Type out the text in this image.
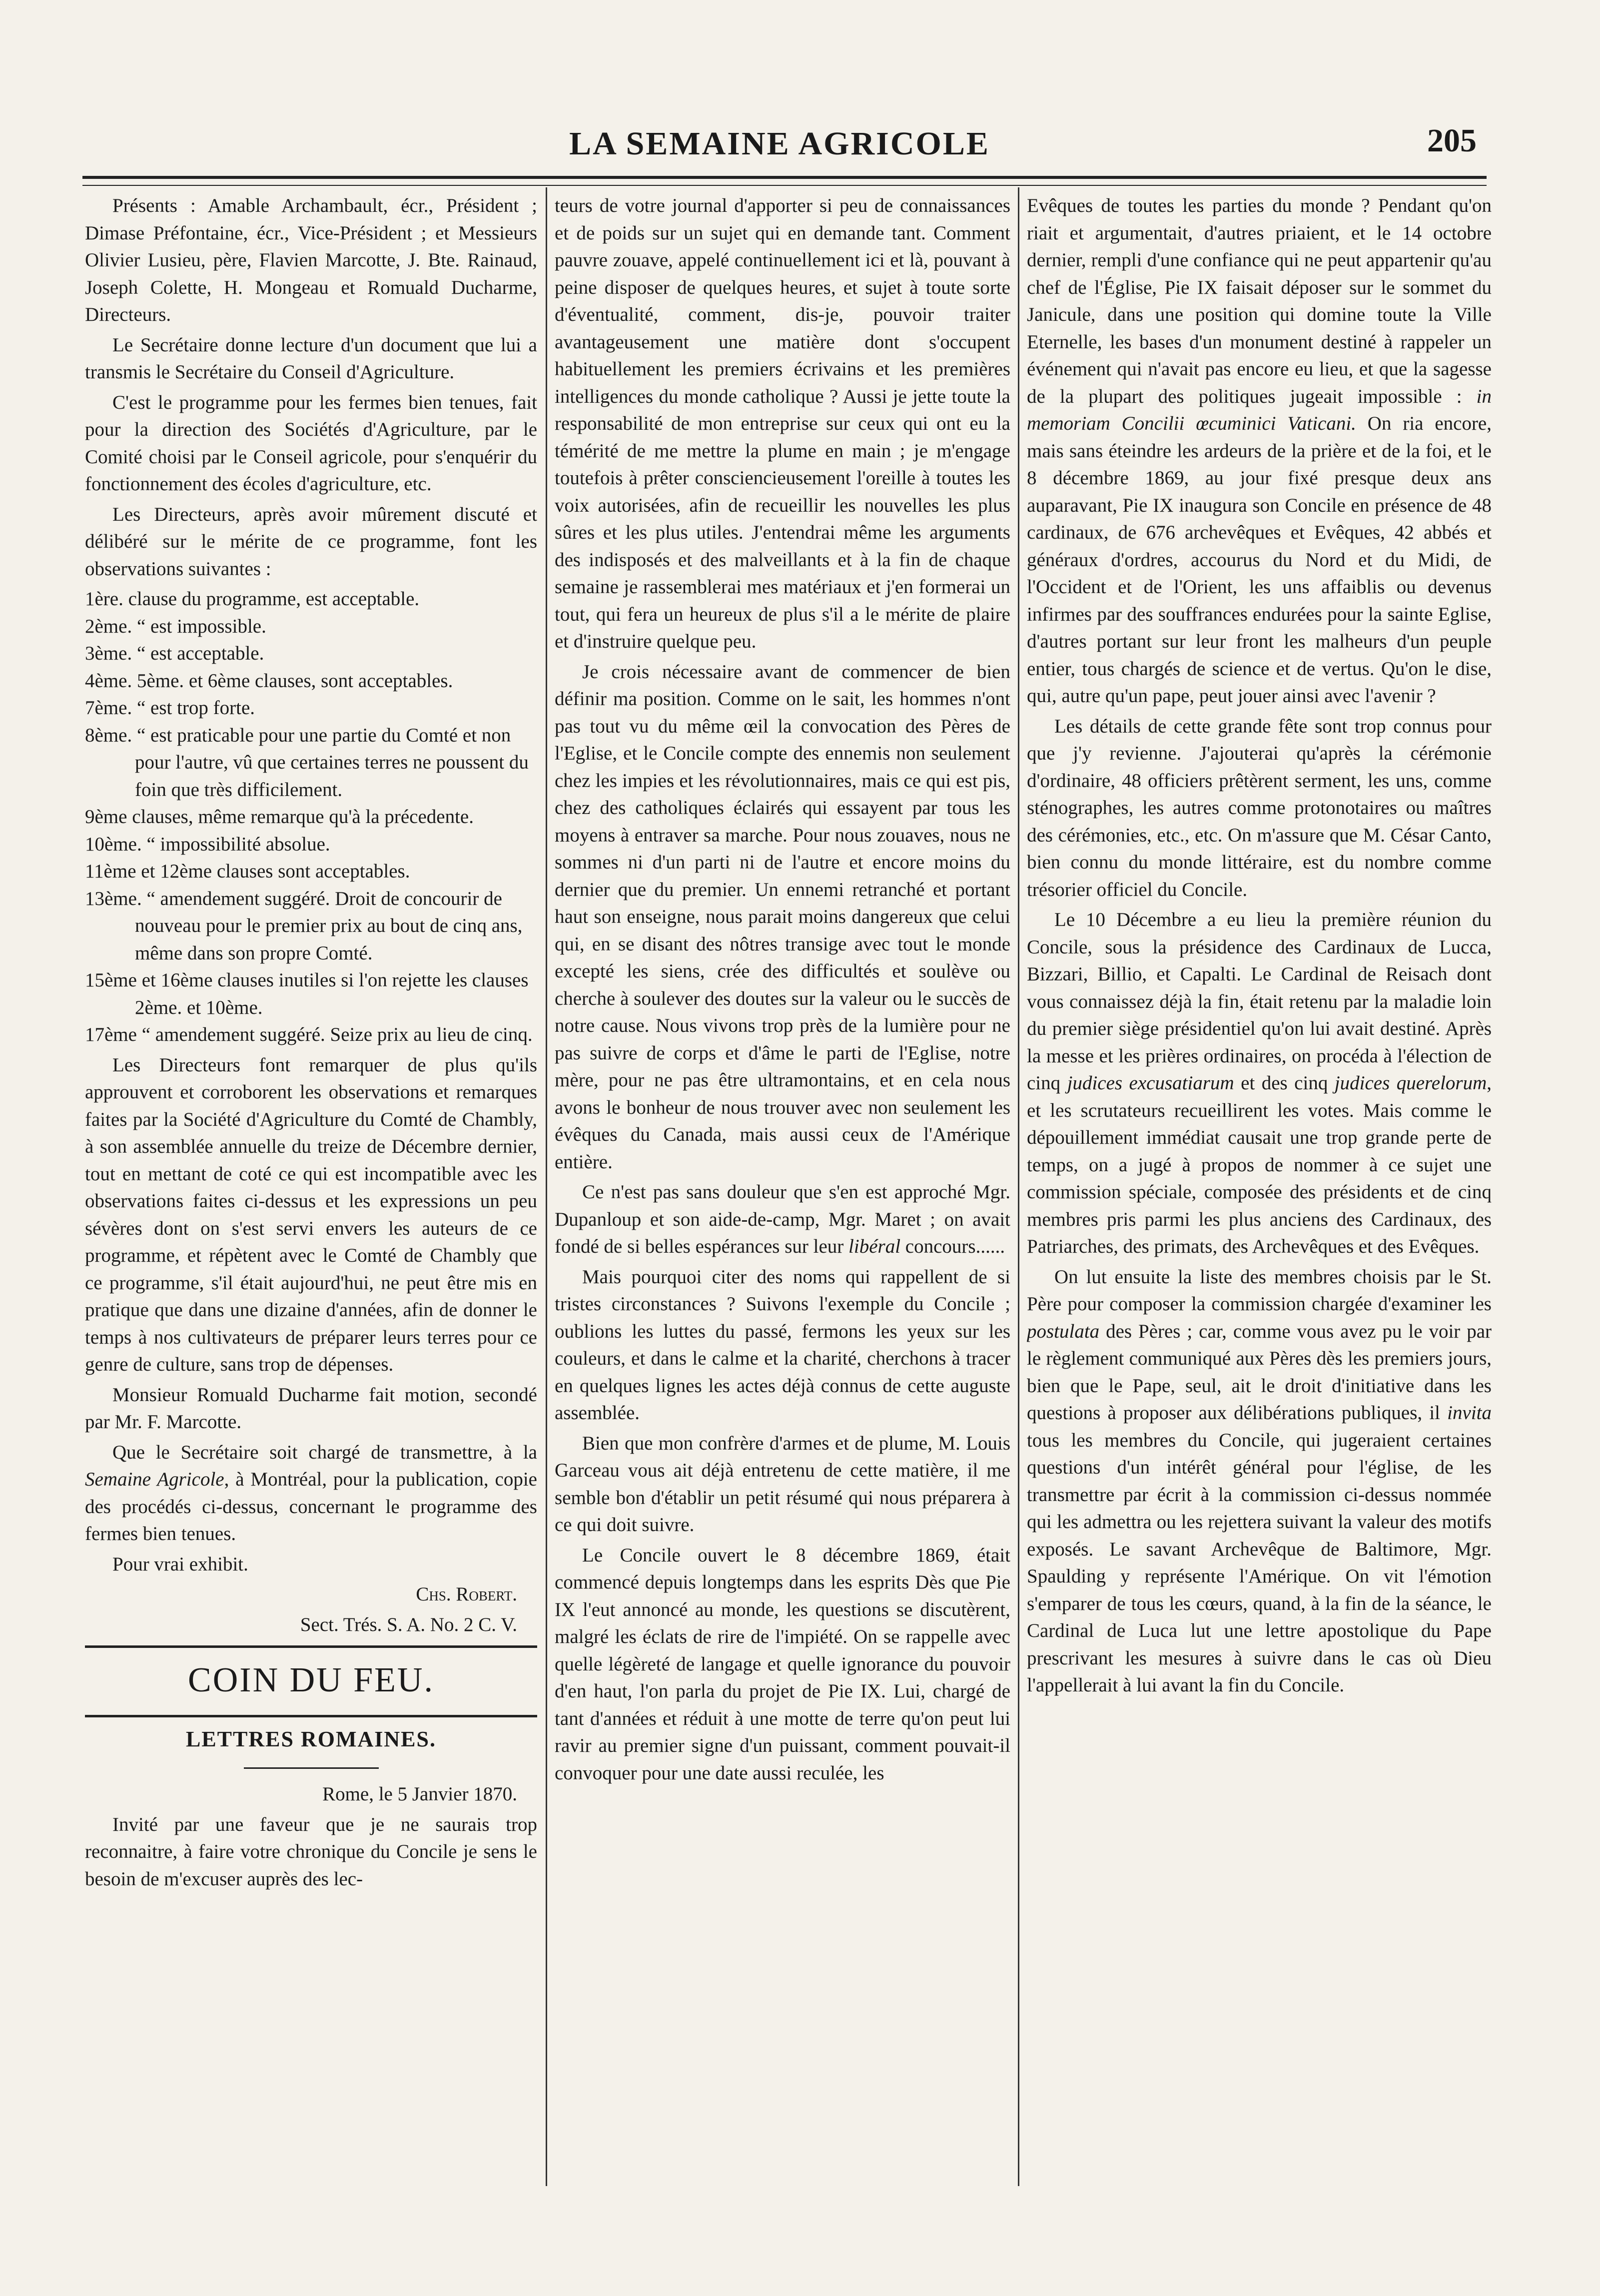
LA SEMAINE AGRICOLE	205

Présents : Amable Archambault, écr., Président ; Dimase Préfontaine, écr., Vice-Président ; et Messieurs Olivier Lusieu, père, Flavien Marcotte, J. Bte. Rainaud, Joseph Colette, H. Mongeau et Romuald Ducharme, Directeurs.

Le Secrétaire donne lecture d'un document que lui a transmis le Secrétaire du Conseil d'Agriculture.

C'est le programme pour les fermes bien tenues, fait pour la direction des Sociétés d'Agriculture, par le Comité choisi par le Conseil agricole, pour s'enquérir du fonctionnement des écoles d'agriculture, etc.

Les Directeurs, après avoir mûrement discuté et délibéré sur le mérite de ce programme, font les observations suivantes :

1ère. clause du programme, est acceptable.
2ème. “ est impossible.
3ème. “ est acceptable.
4ème. 5ème. et 6ème clauses, sont acceptables.
7ème. “ est trop forte.
8ème. “ est praticable pour une partie du Comté et non pour l'autre, vû que certaines terres ne poussent du foin que très difficilement.
9ème clauses, même remarque qu'à la précedente.
10ème. “ impossibilité absolue.
11ème et 12ème clauses sont acceptables.
13ème. “ amendement suggéré. Droit de concourir de nouveau pour le premier prix au bout de cinq ans, même dans son propre Comté.
15ème et 16ème clauses inutiles si l'on rejette les clauses 2ème. et 10ème.
17ème “ amendement suggéré. Seize prix au lieu de cinq.

Les Directeurs font remarquer de plus qu'ils approuvent et corroborent les observations et remarques faites par la Société d'Agriculture du Comté de Chambly, à son assemblée annuelle du treize de Décembre dernier, tout en mettant de coté ce qui est incompatible avec les observations faites ci-dessus et les expressions un peu sévères dont on s'est servi envers les auteurs de ce programme, et répètent avec le Comté de Chambly que ce programme, s'il était aujourd'hui, ne peut être mis en pratique que dans une dizaine d'années, afin de donner le temps à nos cultivateurs de préparer leurs terres pour ce genre de culture, sans trop de dépenses.

Monsieur Romuald Ducharme fait motion, secondé par Mr. F. Marcotte.

Que le Secrétaire soit chargé de transmettre, à la Semaine Agricole, à Montréal, pour la publication, copie des procédés ci-dessus, concernant le programme des fermes bien tenues.

Pour vrai exhibit.

Chs. Robert.

Sect. Trés. S. A. No. 2 C. V.

COIN DU FEU.
LETTRES ROMAINES.

Rome, le 5 Janvier 1870.

Invité par une faveur que je ne saurais trop reconnaitre, à faire votre chronique du Concile je sens le besoin de m'excuser auprès des lec-

teurs de votre journal d'apporter si peu de connaissances et de poids sur un sujet qui en demande tant. Comment pauvre zouave, appelé continuellement ici et là, pouvant à peine disposer de quelques heures, et sujet à toute sorte d'éventualité, comment, dis-je, pouvoir traiter avantageusement une matière dont s'occupent habituellement les premiers écrivains et les premières intelligences du monde catholique ? Aussi je jette toute la responsabilité de mon entreprise sur ceux qui ont eu la témérité de me mettre la plume en main ; je m'engage toutefois à prêter consciencieusement l'oreille à toutes les voix autorisées, afin de recueillir les nouvelles les plus sûres et les plus utiles. J'entendrai même les arguments des indisposés et des malveillants et à la fin de chaque semaine je rassemblerai mes matériaux et j'en formerai un tout, qui fera un heureux de plus s'il a le mérite de plaire et d'instruire quelque peu.

Je crois nécessaire avant de commencer de bien définir ma position. Comme on le sait, les hommes n'ont pas tout vu du même œil la convocation des Pères de l'Eglise, et le Concile compte des ennemis non seulement chez les impies et les révolutionnaires, mais ce qui est pis, chez des catholiques éclairés qui essayent par tous les moyens à entraver sa marche. Pour nous zouaves, nous ne sommes ni d'un parti ni de l'autre et encore moins du dernier que du premier. Un ennemi retranché et portant haut son enseigne, nous parait moins dangereux que celui qui, en se disant des nôtres transige avec tout le monde excepté les siens, crée des difficultés et soulève ou cherche à soulever des doutes sur la valeur ou le succès de notre cause. Nous vivons trop près de la lumière pour ne pas suivre de corps et d'âme le parti de l'Eglise, notre mère, pour ne pas être ultramontains, et en cela nous avons le bonheur de nous trouver avec non seulement les évêques du Canada, mais aussi ceux de l'Amérique entière.

Ce n'est pas sans douleur que s'en est approché Mgr. Dupanloup et son aide-de-camp, Mgr. Maret ; on avait fondé de si belles espérances sur leur libéral concours......

Mais pourquoi citer des noms qui rappellent de si tristes circonstances ? Suivons l'exemple du Concile ; oublions les luttes du passé, fermons les yeux sur les couleurs, et dans le calme et la charité, cherchons à tracer en quelques lignes les actes déjà connus de cette auguste assemblée.

Bien que mon confrère d'armes et de plume, M. Louis Garceau vous ait déjà entretenu de cette matière, il me semble bon d'établir un petit résumé qui nous préparera à ce qui doit suivre.

Le Concile ouvert le 8 décembre 1869, était commencé depuis longtemps dans les esprits Dès que Pie IX l'eut annoncé au monde, les questions se discutèrent, malgré les éclats de rire de l'impiété. On se rappelle avec quelle légèreté de langage et quelle ignorance du pouvoir d'en haut, l'on parla du projet de Pie IX. Lui, chargé de tant d'années et réduit à une motte de terre qu'on peut lui ravir au premier signe d'un puissant, comment pouvait-il convoquer pour une date aussi reculée, les

Evêques de toutes les parties du monde ? Pendant qu'on riait et argumentait, d'autres priaient, et le 14 octobre dernier, rempli d'une confiance qui ne peut appartenir qu'au chef de l'Église, Pie IX faisait déposer sur le sommet du Janicule, dans une position qui domine toute la Ville Eternelle, les bases d'un monument destiné à rappeler un événement qui n'avait pas encore eu lieu, et que la sagesse de la plupart des politiques jugeait impossible : in memoriam Concilii œcuminici Vaticani. On ria encore, mais sans éteindre les ardeurs de la prière et de la foi, et le 8 décembre 1869, au jour fixé presque deux ans auparavant, Pie IX inaugura son Concile en présence de 48 cardinaux, de 676 archevêques et Evêques, 42 abbés et généraux d'ordres, accourus du Nord et du Midi, de l'Occident et de l'Orient, les uns affaiblis ou devenus infirmes par des souffrances endurées pour la sainte Eglise, d'autres portant sur leur front les malheurs d'un peuple entier, tous chargés de science et de vertus. Qu'on le dise, qui, autre qu'un pape, peut jouer ainsi avec l'avenir ?

Les détails de cette grande fête sont trop connus pour que j'y revienne. J'ajouterai qu'après la cérémonie d'ordinaire, 48 officiers prêtèrent serment, les uns, comme sténographes, les autres comme protonotaires ou maîtres des cérémonies, etc., etc. On m'assure que M. César Canto, bien connu du monde littéraire, est du nombre comme trésorier officiel du Concile.

Le 10 Décembre a eu lieu la première réunion du Concile, sous la présidence des Cardinaux de Lucca, Bizzari, Billio, et Capalti. Le Cardinal de Reisach dont vous connaissez déjà la fin, était retenu par la maladie loin du premier siège présidentiel qu'on lui avait destiné. Après la messe et les prières ordinaires, on procéda à l'élection de cinq judices excusatiarum et des cinq judices querelorum, et les scrutateurs recueillirent les votes. Mais comme le dépouillement immédiat causait une trop grande perte de temps, on a jugé à propos de nommer à ce sujet une commission spéciale, composée des présidents et de cinq membres pris parmi les plus anciens des Cardinaux, des Patriarches, des primats, des Archevêques et des Evêques.

On lut ensuite la liste des membres choisis par le St. Père pour composer la commission chargée d'examiner les postulata des Pères ; car, comme vous avez pu le voir par le règlement communiqué aux Pères dès les premiers jours, bien que le Pape, seul, ait le droit d'initiative dans les questions à proposer aux délibérations publiques, il invita tous les membres du Concile, qui jugeraient certaines questions d'un intérêt général pour l'église, de les transmettre par écrit à la commission ci-dessus nommée qui les admettra ou les rejettera suivant la valeur des motifs exposés. Le savant Archevêque de Baltimore, Mgr. Spaulding y représente l'Amérique. On vit l'émotion s'emparer de tous les cœurs, quand, à la fin de la séance, le Cardinal de Luca lut une lettre apostolique du Pape prescrivant les mesures à suivre dans le cas où Dieu l'appellerait à lui avant la fin du Concile.
